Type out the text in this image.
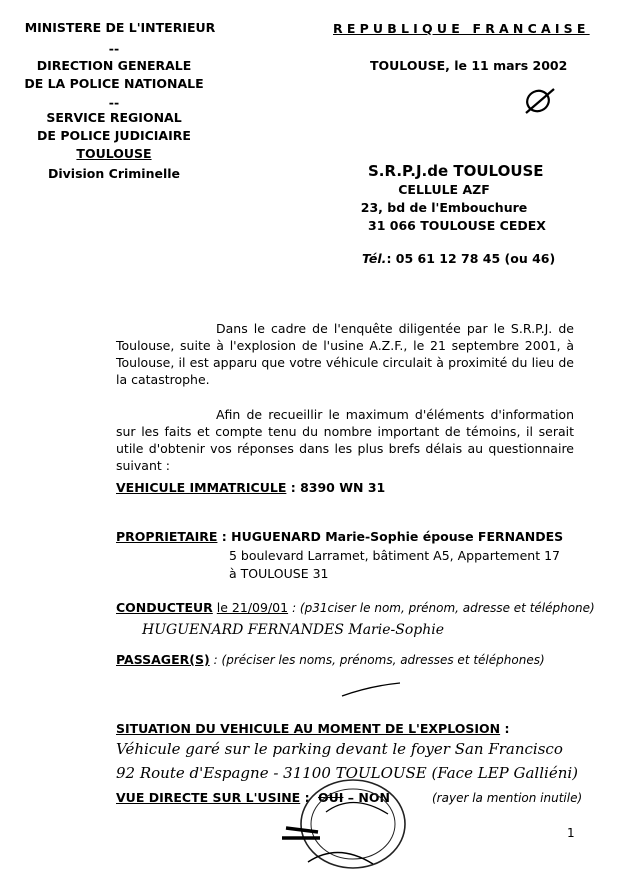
MINISTERE DE L'INTERIEUR
--
DIRECTION GENERALE
DE LA POLICE NATIONALE
--
SERVICE REGIONAL
DE POLICE JUDICIAIRE
TOULOUSE
Division Criminelle
REPUBLIQUE FRANCAISE
TOULOUSE, le 11 mars 2002
S.R.P.J.de TOULOUSE
CELLULE AZF
23, bd de l'Embouchure
31 066 TOULOUSE CEDEX
Tél.: 05 61 12 78 45 (ou 46)
Dans le cadre de l'enquête diligentée par le S.R.P.J. de Toulouse, suite à l'explosion de l'usine A.Z.F., le 21 septembre 2001, à Toulouse, il est apparu que votre véhicule circulait à proximité du lieu de la catastrophe.
Afin de recueillir le maximum d'éléments d'information sur les faits et compte tenu du nombre important de témoins, il serait utile d'obtenir vos réponses dans les plus brefs délais au questionnaire suivant :
VEHICULE IMMATRICULE : 8390 WN 31
PROPRIETAIRE : HUGUENARD Marie-Sophie épouse FERNANDES
5 boulevard Larramet, bâtiment A5, Appartement 17
à TOULOUSE 31
CONDUCTEUR le 21/09/01 : (p31ciser le nom, prénom, adresse et téléphone)
HUGUENARD FERNANDES Marie-Sophie
PASSAGER(S) : (préciser les noms, prénoms, adresses et téléphones)
SITUATION DU VEHICULE AU MOMENT DE L'EXPLOSION :
Véhicule garé sur le parking devant le foyer San Francisco
92 Route d'Espagne - 31100 TOULOUSE (Face LEP Galliéni)
VUE DIRECTE SUR L'USINE : OUI – NON	(rayer la mention inutile)
1
